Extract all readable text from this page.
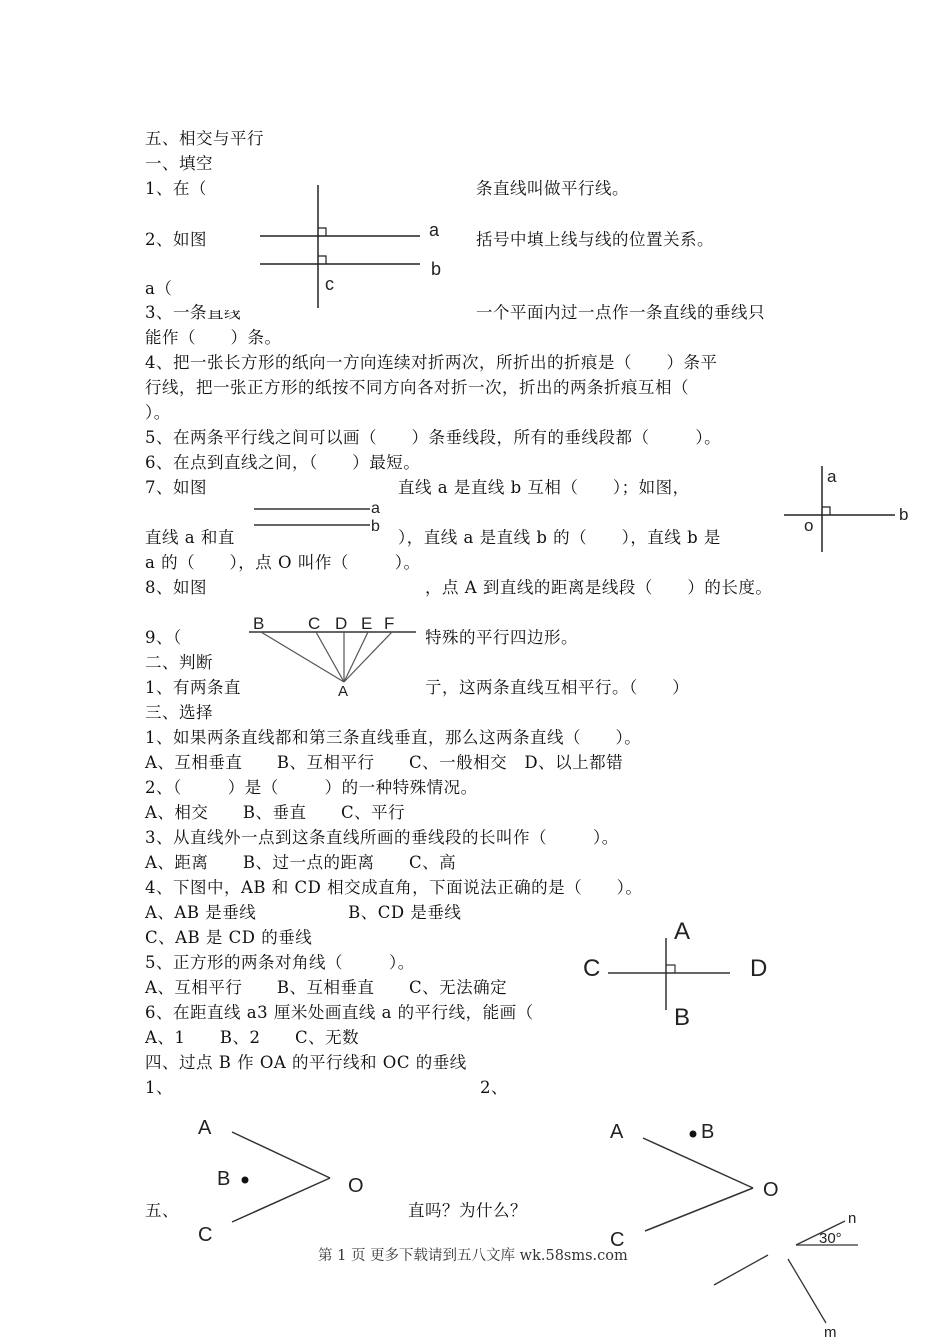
五、相交与平行
一、填空
1、在（	条直线叫做平行线。
2、如图	括号中填上线与线的位置关系。
a（
3、一条直线	一个平面内过一点作一条直线的垂线只
能作（      ）条。
4、把一张长方形的纸向一方向连续对折两次，所折出的折痕是（      ）条平
行线，把一张正方形的纸按不同方向各对折一次，折出的两条折痕互相（
）。
5、在两条平行线之间可以画（      ）条垂线段，所有的垂线段都（        ）。
6、在点到直线之间，（      ）最短。
7、如图	直线 a 是直线 b 互相（      ）；如图，
直线 a 和直	），直线 a 是直线 b 的（      ），直线 b 是
a 的（      ），点 O 叫作（        ）。
8、如图	，点 A 到直线的距离是线段（      ）的长度。
9、（	特殊的平行四边形。
二、判断
1、有两条直	亍，这两条直线互相平行。（      ）
三、选择
1、如果两条直线都和第三条直线垂直，那么这两条直线（      ）。
A、互相垂直      B、互相平行      C、一般相交   D、以上都错
2、（        ）是（        ）的一种特殊情况。
A、相交      B、垂直      C、平行
3、从直线外一点到这条直线所画的垂线段的长叫作（        ）。
A、距离      B、过一点的距离      C、高
4、下图中，AB 和 CD 相交成直角，下面说法正确的是（      ）。
A、AB 是垂线                B、CD 是垂线
C、AB 是 CD 的垂线
5、正方形的两条对角线（        ）。
A、互相平行      B、互相垂直      C、无法确定
6、在距直线 a3 厘米处画直线 a 的平行线，能画（
A、1      B、2      C、无数
四、过点 B 作 OA 的平行线和 OC 的垂线
1、	2、
五、	直吗？为什么？
a
b
c
a
b
a
b
o
B	C D E F
A
A
B
C	D
A
B
C
O
A	B
C
O
n
30°
m
第 1 页 更多下载请到五八文库 wk.58sms.com
